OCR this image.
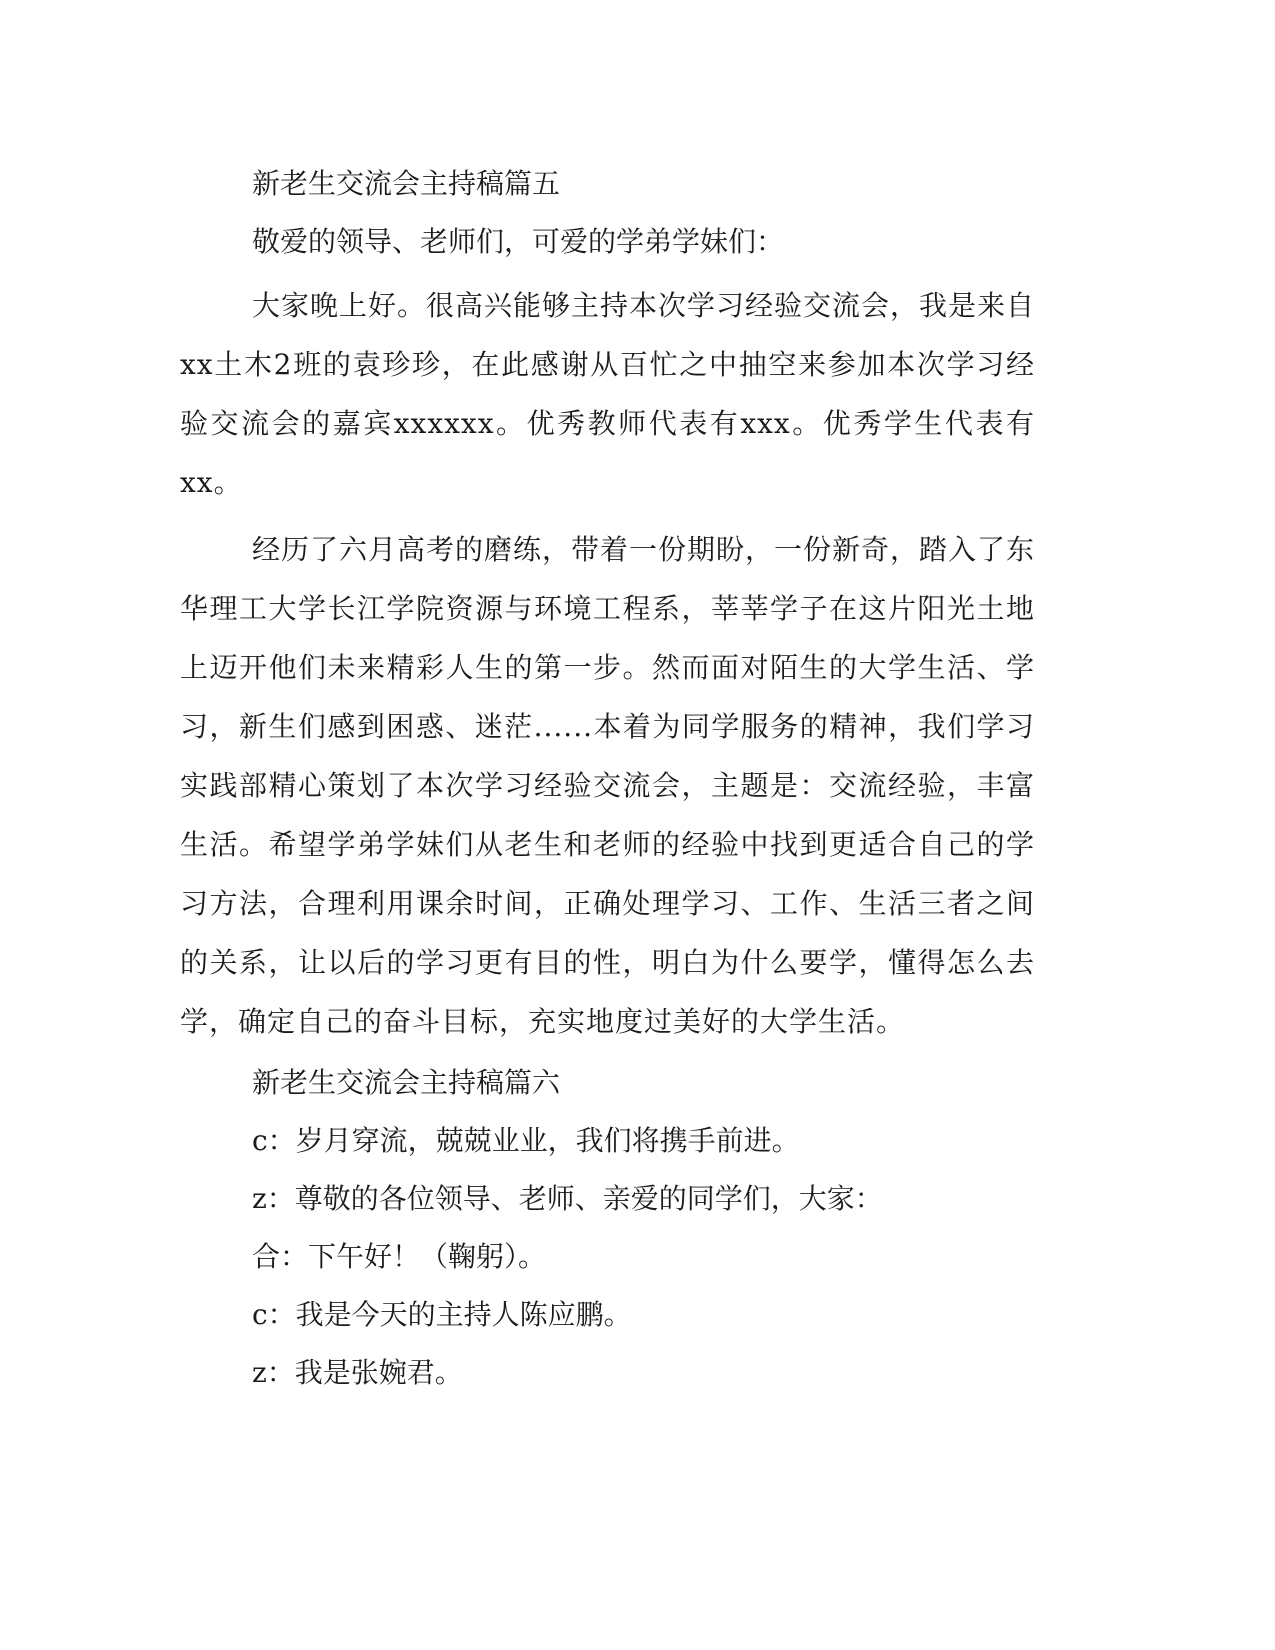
新老生交流会主持稿篇五

敬爱的领导、老师们，可爱的学弟学妹们：

大家晚上好。很高兴能够主持本次学习经验交流会，我是来自xx土木2班的袁珍珍，在此感谢从百忙之中抽空来参加本次学习经验交流会的嘉宾xxxxxx。优秀教师代表有xxx。优秀学生代表有xx。

经历了六月高考的磨练，带着一份期盼，一份新奇，踏入了东华理工大学长江学院资源与环境工程系，莘莘学子在这片阳光土地上迈开他们未来精彩人生的第一步。然而面对陌生的大学生活、学习，新生们感到困惑、迷茫......本着为同学服务的精神，我们学习实践部精心策划了本次学习经验交流会，主题是：交流经验，丰富生活。希望学弟学妹们从老生和老师的经验中找到更适合自己的学习方法，合理利用课余时间，正确处理学习、工作、生活三者之间的关系，让以后的学习更有目的性，明白为什么要学，懂得怎么去学，确定自己的奋斗目标，充实地度过美好的大学生活。

新老生交流会主持稿篇六

c：岁月穿流，兢兢业业，我们将携手前进。

z：尊敬的各位领导、老师、亲爱的同学们，大家：

合：下午好！（鞠躬）。

c：我是今天的主持人陈应鹏。

z：我是张婉君。
